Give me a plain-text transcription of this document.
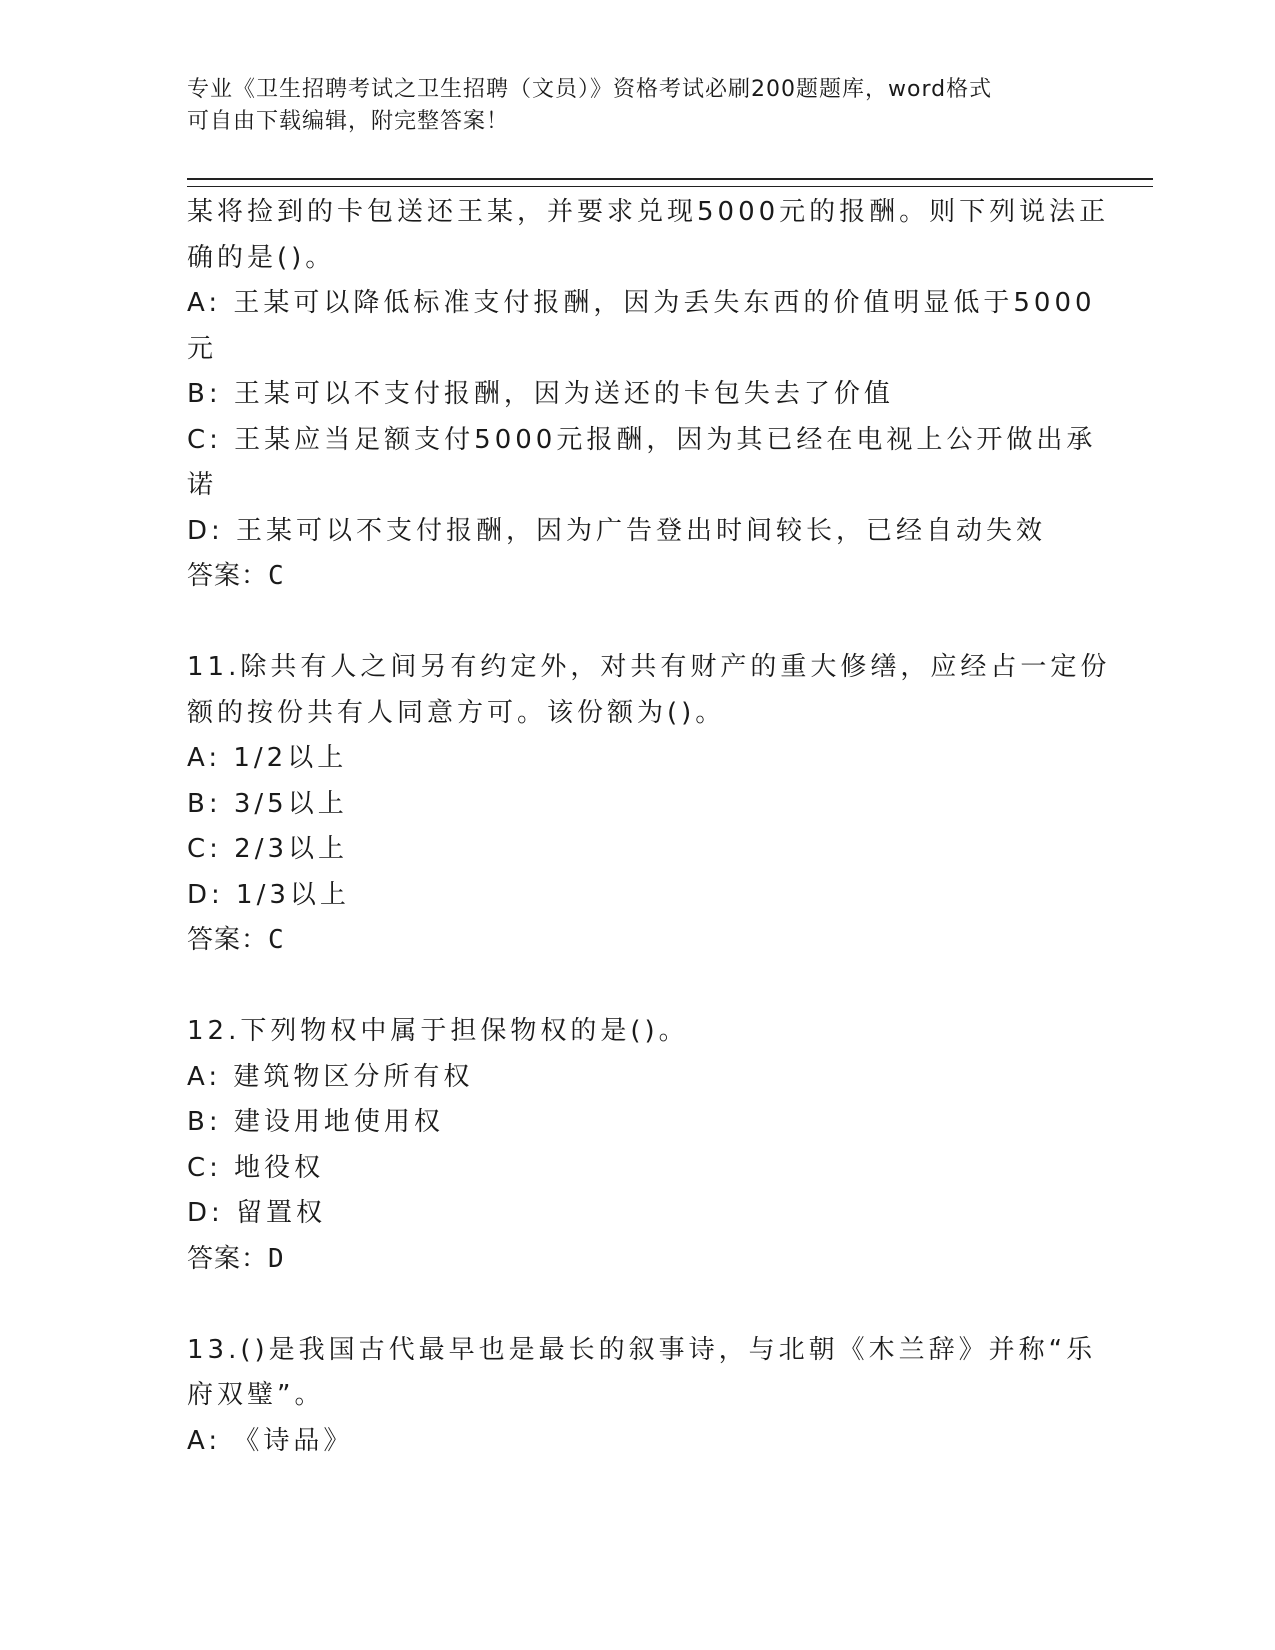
专业《卫生招聘考试之卫生招聘（文员）》资格考试必刷200题题库，word格式
可自由下载编辑，附完整答案！
某将捡到的卡包送还王某，并要求兑现5000元的报酬。则下列说法正
确的是()。
A: 王某可以降低标准支付报酬，因为丢失东西的价值明显低于5000
元
B: 王某可以不支付报酬，因为送还的卡包失去了价值
C: 王某应当足额支付5000元报酬，因为其已经在电视上公开做出承
诺
D: 王某可以不支付报酬，因为广告登出时间较长，已经自动失效
答案：C
11.除共有人之间另有约定外，对共有财产的重大修缮，应经占一定份
额的按份共有人同意方可。该份额为()。
A: 1/2以上
B: 3/5以上
C: 2/3以上
D: 1/3以上
答案：C
12.下列物权中属于担保物权的是()。
A: 建筑物区分所有权
B: 建设用地使用权
C: 地役权
D: 留置权
答案：D
13.()是我国古代最早也是最长的叙事诗，与北朝《木兰辞》并称“乐
府双璧”。
A: 《诗品》
